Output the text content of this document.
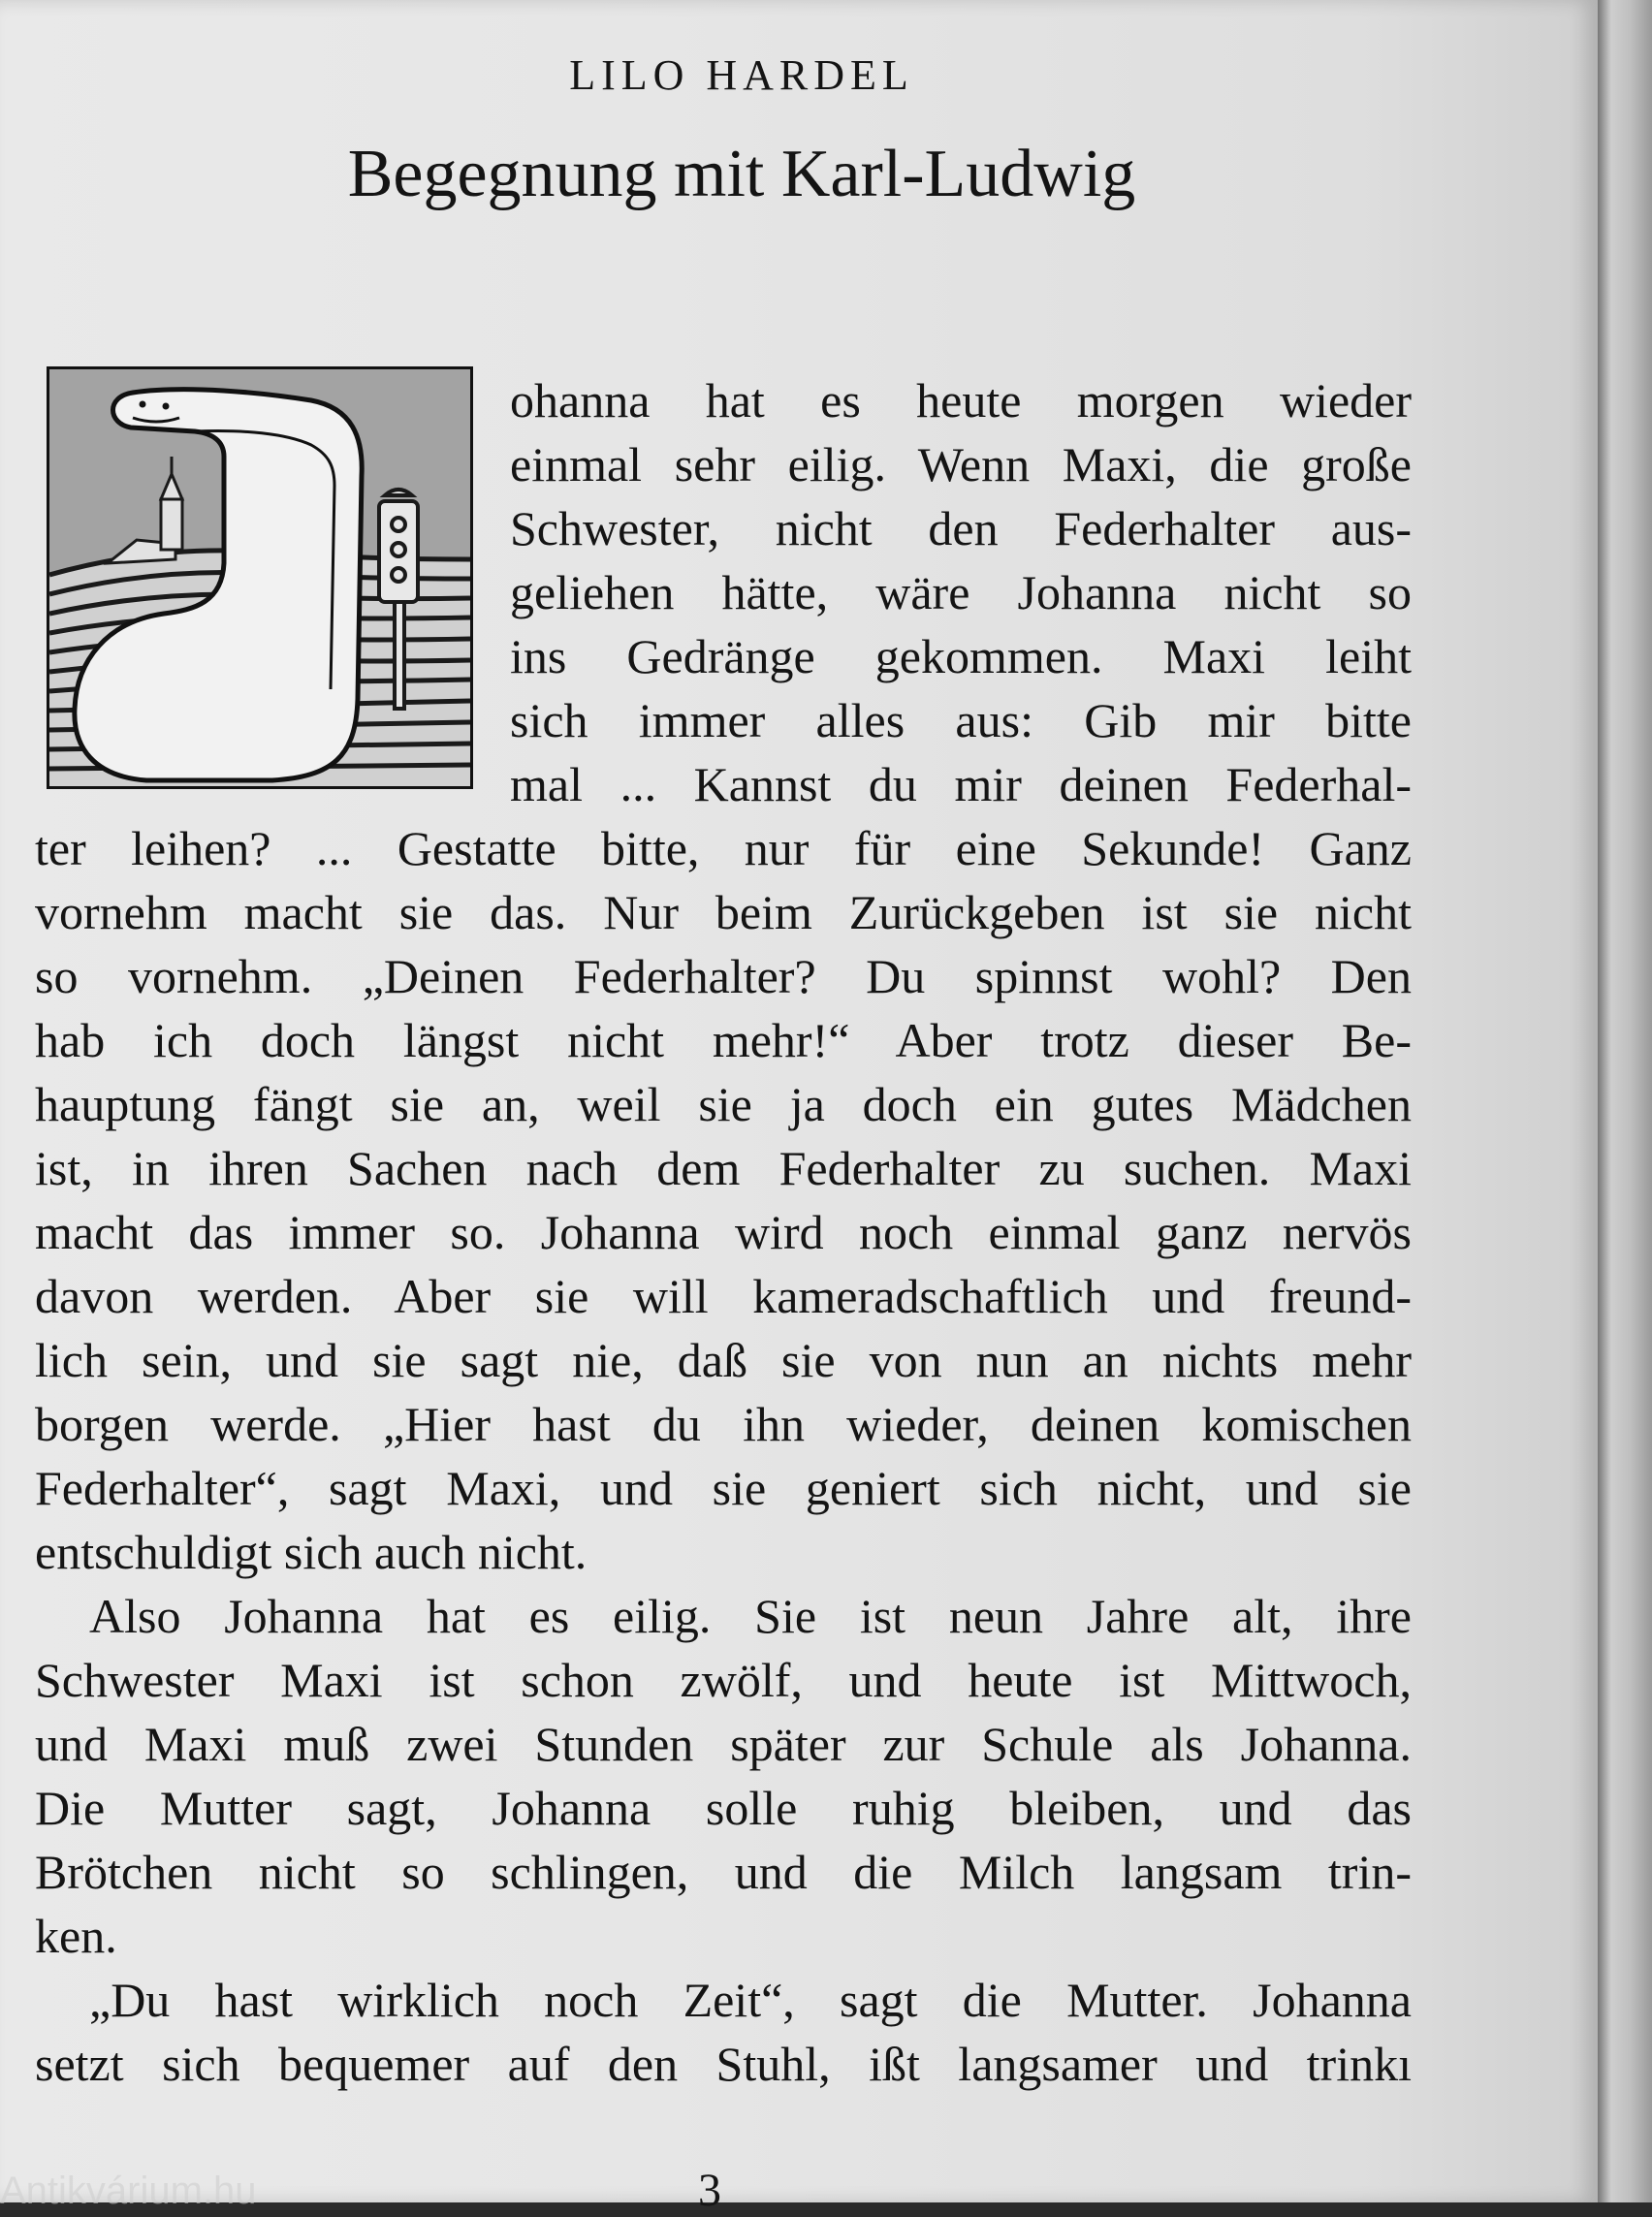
LILO HARDEL
Begegnung mit Karl-Ludwig
ohanna hat es heute morgen wieder
einmal sehr eilig. Wenn Maxi, die große
Schwester, nicht den Federhalter aus-
geliehen hätte, wäre Johanna nicht so
ins Gedränge gekommen. Maxi leiht
sich immer alles aus: Gib mir bitte
mal ... Kannst du mir deinen Federhal-
ter leihen? ... Gestatte bitte, nur für eine Sekunde! Ganz
vornehm macht sie das. Nur beim Zurückgeben ist sie nicht
so vornehm. „Deinen Federhalter? Du spinnst wohl? Den
hab ich doch längst nicht mehr!“ Aber trotz dieser Be-
hauptung fängt sie an, weil sie ja doch ein gutes Mädchen
ist, in ihren Sachen nach dem Federhalter zu suchen. Maxi
macht das immer so. Johanna wird noch einmal ganz nervös
davon werden. Aber sie will kameradschaftlich und freund-
lich sein, und sie sagt nie, daß sie von nun an nichts mehr
borgen werde. „Hier hast du ihn wieder, deinen komischen
Federhalter“, sagt Maxi, und sie geniert sich nicht, und sie
entschuldigt sich auch nicht.
Also Johanna hat es eilig. Sie ist neun Jahre alt, ihre
Schwester Maxi ist schon zwölf, und heute ist Mittwoch,
und Maxi muß zwei Stunden später zur Schule als Johanna.
Die Mutter sagt, Johanna solle ruhig bleiben, und das
Brötchen nicht so schlingen, und die Milch langsam trin-
ken.
„Du hast wirklich noch Zeit“, sagt die Mutter. Johanna
setzt sich bequemer auf den Stuhl, ißt langsamer und trinkı
Antikvárium.hu	3
